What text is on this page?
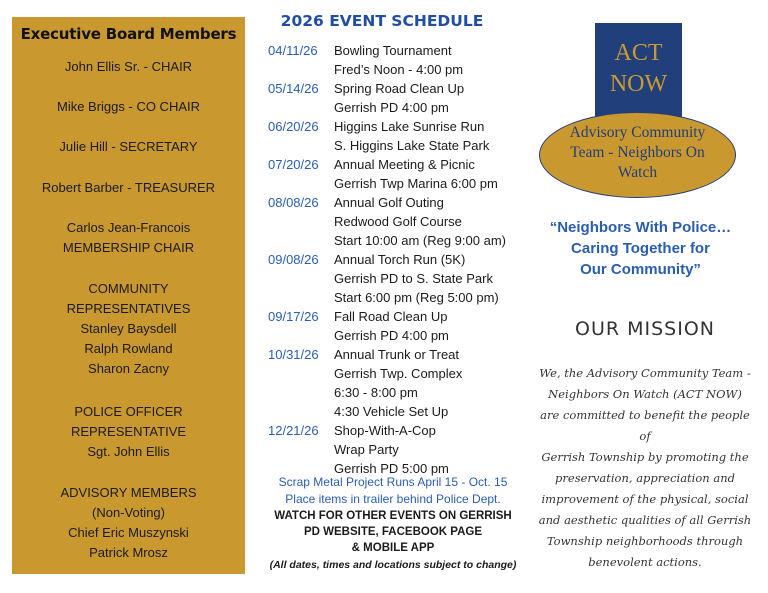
Executive Board Members
John Ellis Sr. - CHAIR
Mike Briggs - CO CHAIR
Julie Hill - SECRETARY
Robert Barber - TREASURER
Carlos Jean-Francois
MEMBERSHIP CHAIR
COMMUNITY
REPRESENTATIVES
Stanley Baysdell
Ralph Rowland
Sharon Zacny
POLICE OFFICER
REPRESENTATIVE
Sgt. John Ellis
ADVISORY MEMBERS
(Non-Voting)
Chief Eric Muszynski
Patrick Mrosz
2026 EVENT SCHEDULE
04/11/26	Bowling Tournament
Fred’s Noon - 4:00 pm
05/14/26	Spring Road Clean Up
Gerrish PD 4:00 pm
06/20/26	Higgins Lake Sunrise Run
S. Higgins Lake State Park
07/20/26	Annual Meeting & Picnic
Gerrish Twp Marina 6:00 pm
08/08/26	Annual Golf Outing
Redwood Golf Course
Start 10:00 am (Reg 9:00 am)
09/08/26	Annual Torch Run (5K)
Gerrish PD to S. State Park
Start 6:00 pm (Reg 5:00 pm)
09/17/26	Fall Road Clean Up
Gerrish PD 4:00 pm
10/31/26	Annual Trunk or Treat
Gerrish Twp. Complex
6:30 - 8:00 pm
4:30 Vehicle Set Up
12/21/26	Shop-With-A-Cop
Wrap Party
Gerrish PD 5:00 pm
Scrap Metal Project Runs April 15 - Oct. 15
Place items in trailer behind Police Dept.
WATCH FOR OTHER EVENTS ON GERRISH
PD WEBSITE, FACEBOOK PAGE
& MOBILE APP
(All dates, times and locations subject to change)
ACT
NOW
Advisory Community
Team - Neighbors On
Watch
“Neighbors With Police…
Caring Together for
Our Community”
OUR MISSION
We, the Advisory Community Team -
Neighbors On Watch (ACT NOW)
are committed to benefit the people of
Gerrish Township by promoting the
preservation, appreciation and
improvement of the physical, social
and aesthetic qualities of all Gerrish
Township neighborhoods through
benevolent actions.
